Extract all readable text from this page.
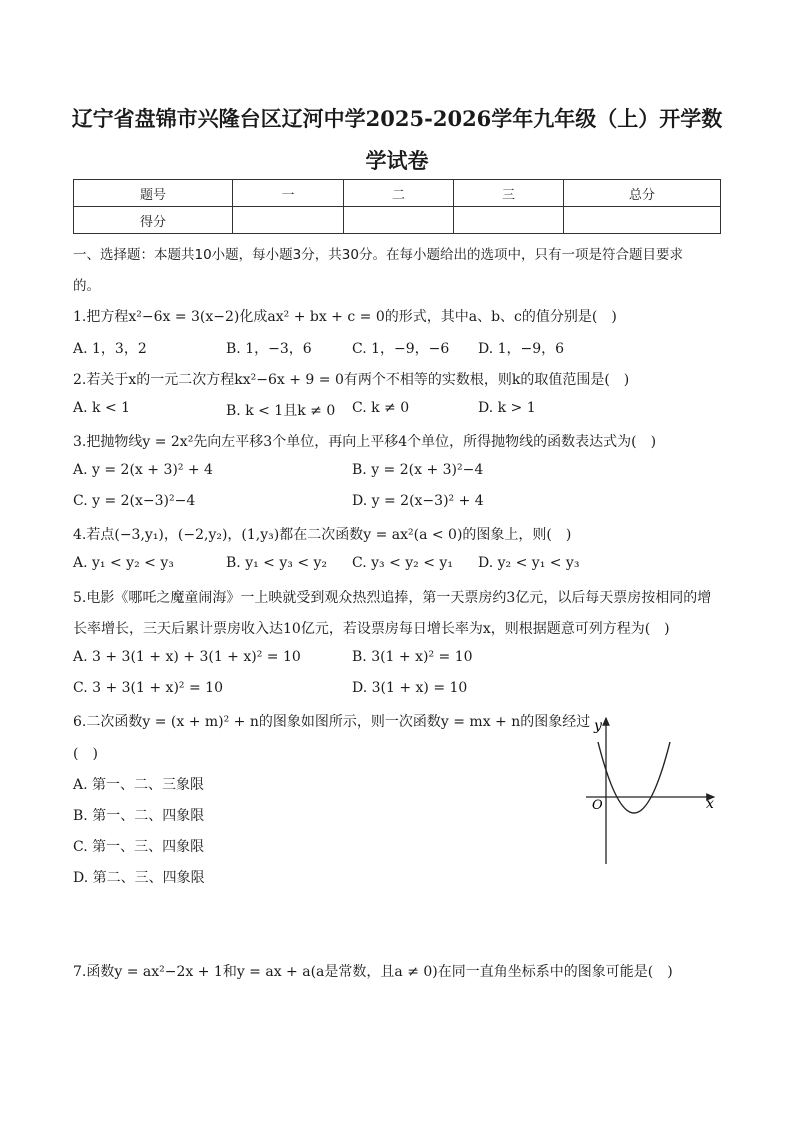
辽宁省盘锦市兴隆台区辽河中学2025-2026学年九年级（上）开学数
学试卷
题号	一	二	三	总分
得分				
一、选择题：本题共10小题，每小题3分，共30分。在每小题给出的选项中，只有一项是符合题目要求
的。
1.把方程x²−6x = 3(x−2)化成ax² + bx + c = 0的形式，其中a、b、c的值分别是(　)
A. 1，3，2	B. 1，−3，6	C. 1，−9，−6 D. 1，−9，6
2.若关于x的一元二次方程kx²−6x + 9 = 0有两个不相等的实数根，则k的取值范围是(　)
A. k < 1	B. k < 1且k ≠ 0 C. k ≠ 0	D. k > 1
3.把抛物线y = 2x²先向左平移3个单位，再向上平移4个单位，所得抛物线的函数表达式为(　)
A. y = 2(x + 3)² + 4	B. y = 2(x + 3)²−4
C. y = 2(x−3)²−4	D. y = 2(x−3)² + 4
4.若点(−3,y₁)，(−2,y₂)，(1,y₃)都在二次函数y = ax²(a < 0)的图象上，则(　)
A. y₁ < y₂ < y₃	B. y₁ < y₃ < y₂ C. y₃ < y₂ < y₁ D. y₂ < y₁ < y₃
5.电影《哪吒之魔童闹海》一上映就受到观众热烈追捧，第一天票房约3亿元，以后每天票房按相同的增
长率增长，三天后累计票房收入达10亿元，若设票房每日增长率为x，则根据题意可列方程为(　)
A. 3 + 3(1 + x) + 3(1 + x)² = 10	B. 3(1 + x)² = 10
C. 3 + 3(1 + x)² = 10	D. 3(1 + x) = 10
6.二次函数y = (x + m)² + n的图象如图所示，则一次函数y = mx + n的图象经过
(　)
A. 第一、二、三象限
B. 第一、二、四象限
C. 第一、三、四象限
D. 第二、三、四象限
y
x
O
7.函数y = ax²−2x + 1和y = ax + a(a是常数，且a ≠ 0)在同一直角坐标系中的图象可能是(　)
